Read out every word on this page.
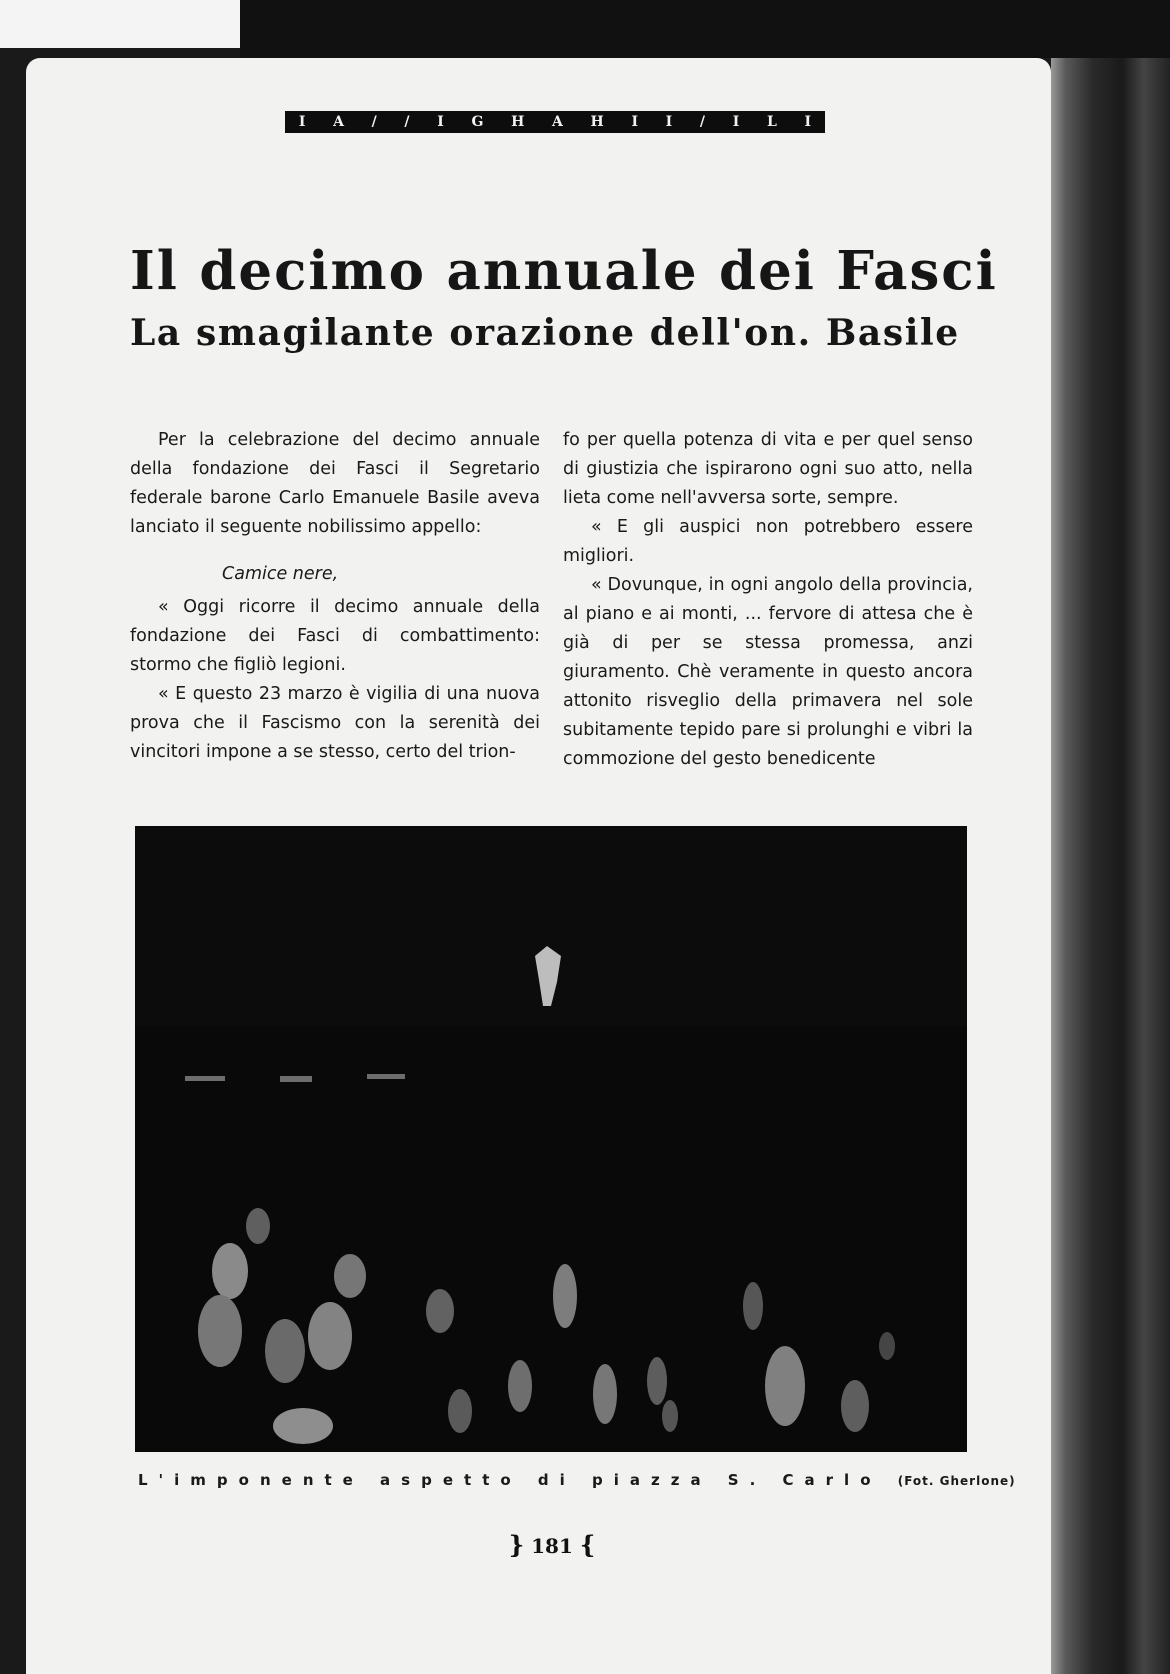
I A / / I G H A H I I / I L I
Il decimo annuale dei Fasci
La smagilante orazione dell'on. Basile

Per la celebrazione del decimo annuale della fondazione dei Fasci il Segretario federale barone Carlo Emanuele Basile aveva lanciato il seguente nobilissimo appello:

Camice nere,

« Oggi ricorre il decimo annuale della fondazione dei Fasci di combattimento: stormo che figliò legioni.

« E questo 23 marzo è vigilia di una nuova prova che il Fascismo con la serenità dei vincitori impone a se stesso, certo del trion-

fo per quella potenza di vita e per quel senso di giustizia che ispirarono ogni suo atto, nella lieta come nell'avversa sorte, sempre.

« E gli auspici non potrebbero essere migliori.

« Dovunque, in ogni angolo della provincia, al piano e ai monti, ... fervore di attesa che è già di per se stessa promessa, anzi giuramento. Chè veramente in questo ancora attonito risveglio della primavera nel sole subitamente tepido pare si prolunghi e vibri la commozione del gesto benedicente

L'imponente aspetto di piazza S. Carlo (Fot. Gherlone)
} 181 {
